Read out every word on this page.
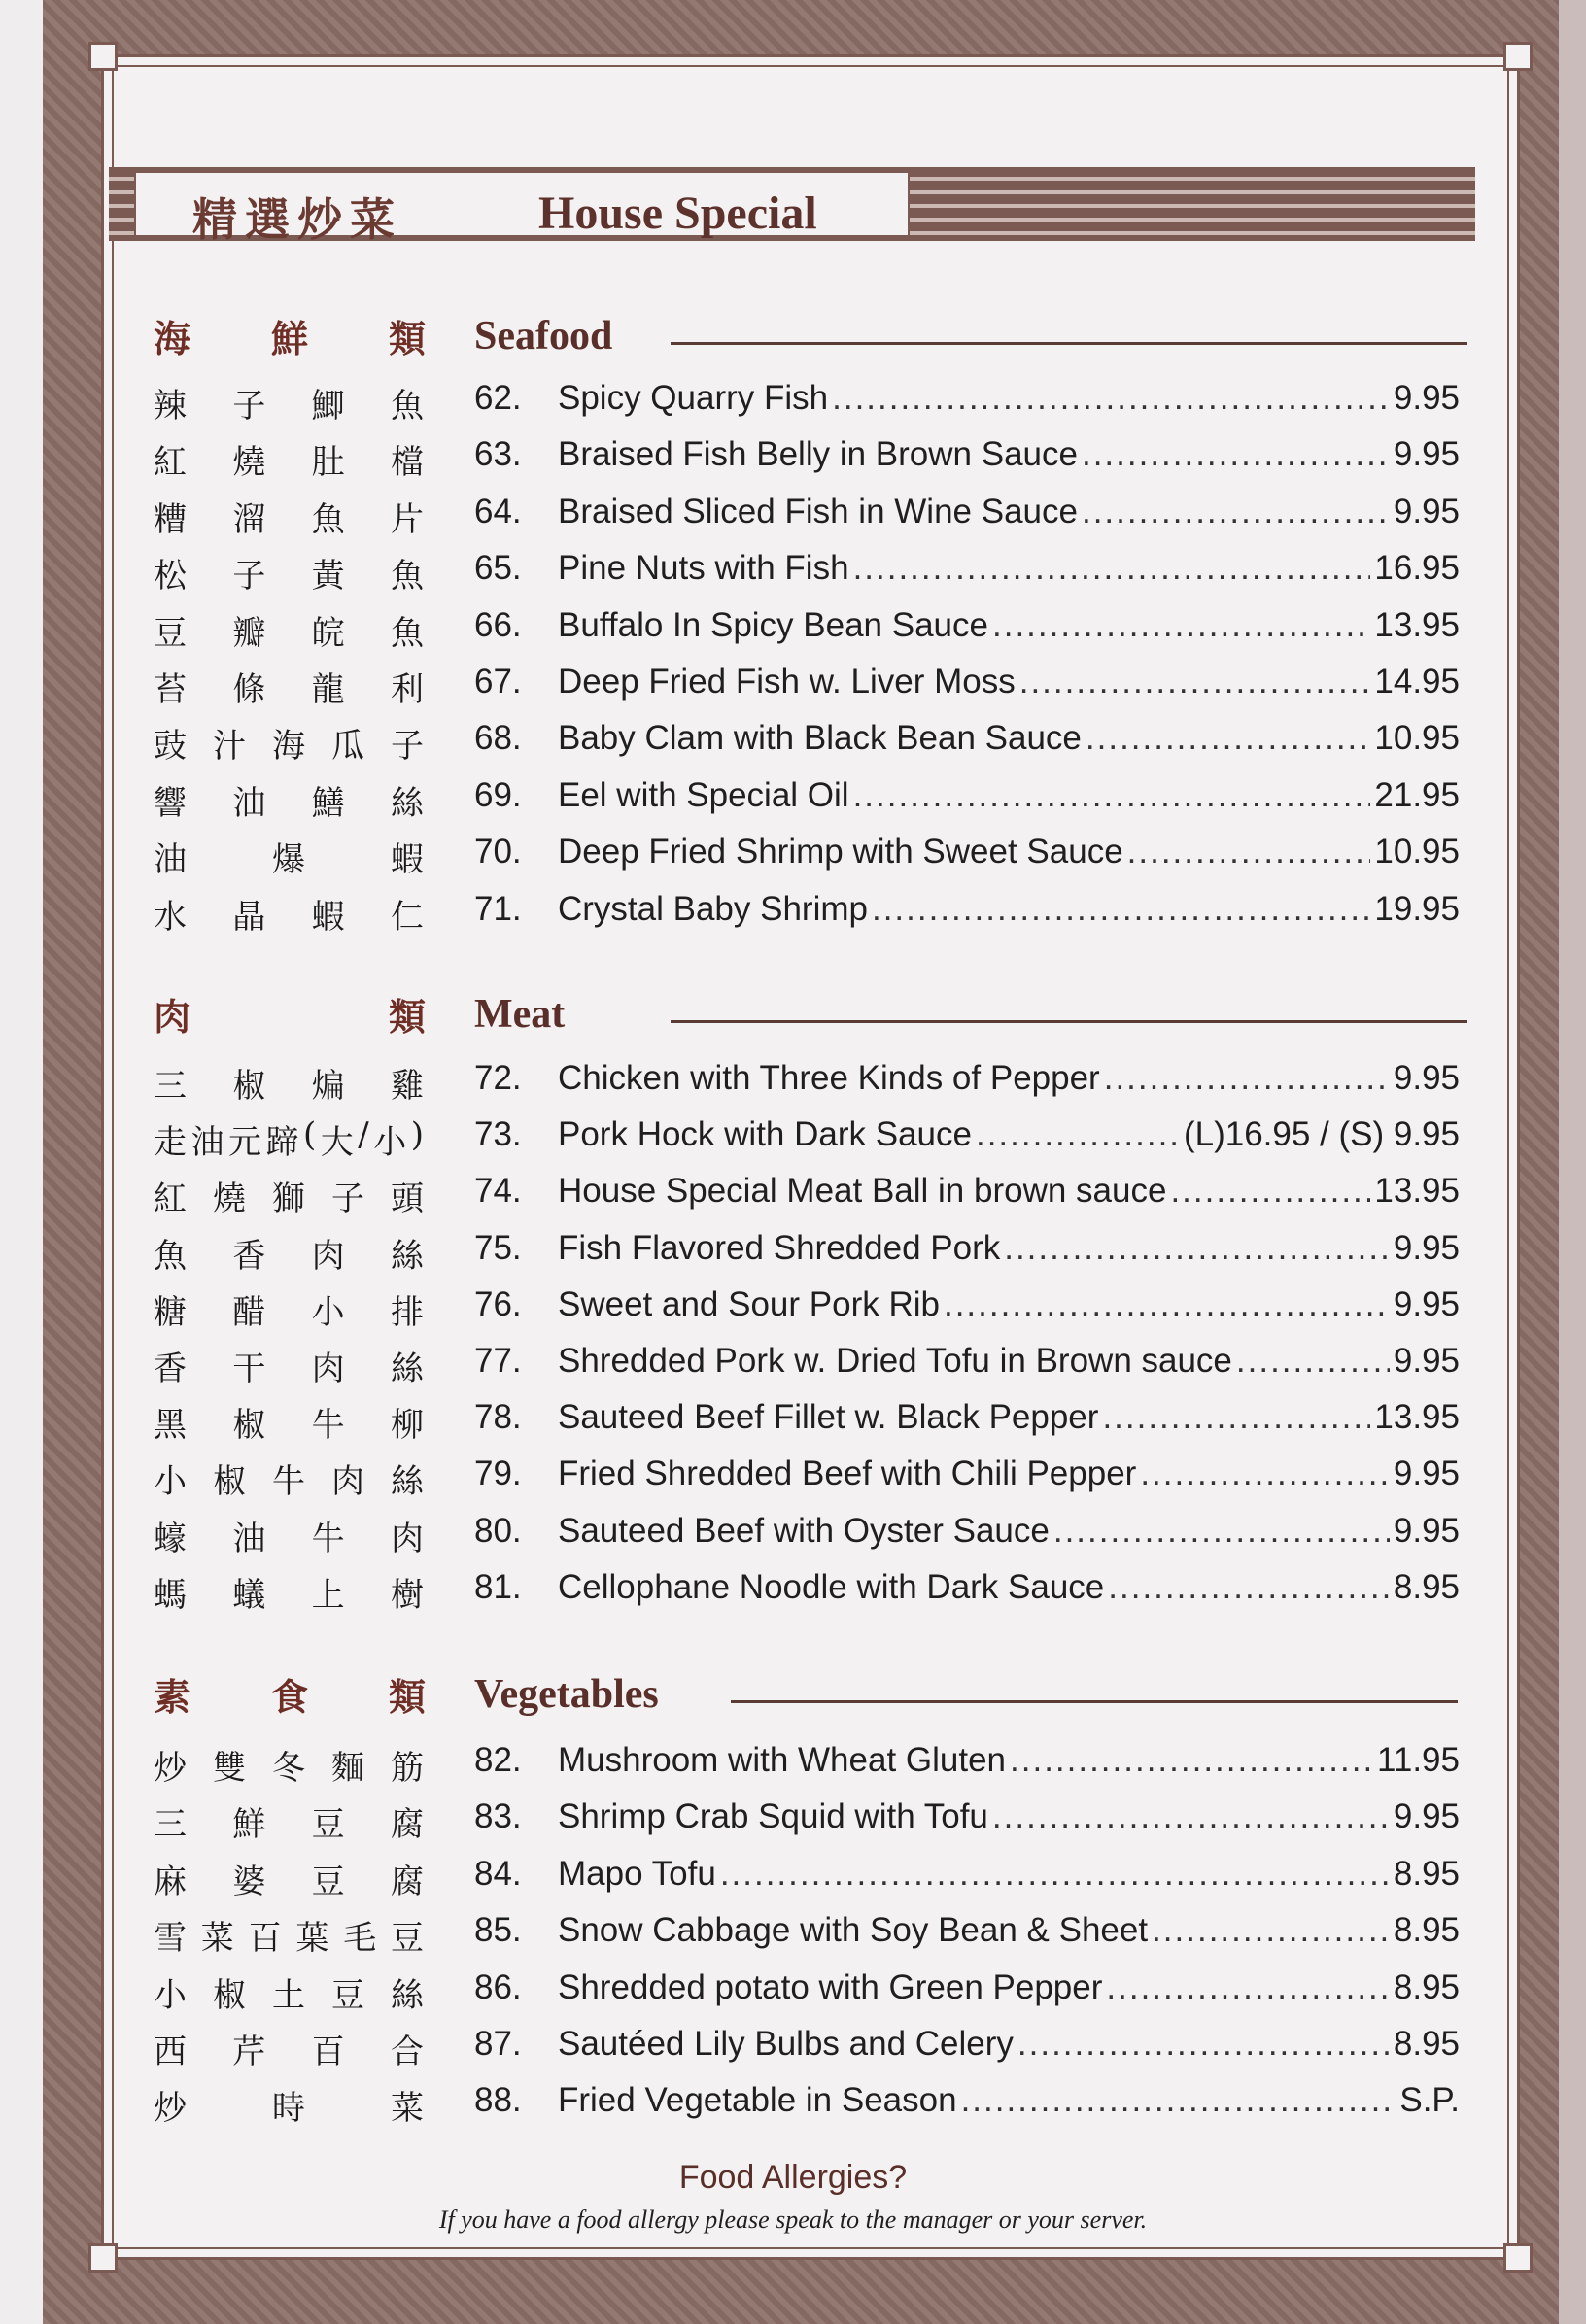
精選炒菜	House Special
海 鮮 類 Seafood
辣 子 鯽 魚 62.	Spicy Quarry Fish .....	9.95
紅 燒 肚 檔 63.	Braised Fish Belly in Brown Sauce .....	9.95
糟 溜 魚 片 64.	Braised Sliced Fish in Wine Sauce .....	9.95
松 子 黃 魚 65.	Pine Nuts with Fish .....	16.95
豆 瓣 皖 魚 66.	Buffalo In Spicy Bean Sauce .....	13.95
苔 條 龍 利 67.	Deep Fried Fish w. Liver Moss .....	14.95
豉 汁 海 瓜 子 68.	Baby Clam with Black Bean Sauce .....	10.95
響 油 鱔 絲 69.	Eel with Special Oil .....	21.95
油	爆	蝦 70.	Deep Fried Shrimp with Sweet Sauce .....	10.95
水 晶 蝦 仁 71.	Crystal Baby Shrimp .....	19.95
肉	類 Meat
三 椒 煸 雞 72.	Chicken with Three Kinds of Pepper .....	9.95
走 油 元 蹄 ( 大 / 小 ) 73.	Pork Hock with Dark Sauce .....	(L)16.95 / (S) 9.95
紅 燒 獅 子 頭 74.	House Special Meat Ball in brown sauce .....	13.95
魚 香 肉 絲 75.	Fish Flavored Shredded Pork .....	9.95
糖 醋 小 排 76.	Sweet and Sour Pork Rib .....	9.95
香 干 肉 絲 77.	Shredded Pork w. Dried Tofu in Brown sauce .....	9.95
黑 椒 牛 柳 78.	Sauteed Beef Fillet w. Black Pepper .....	13.95
小 椒 牛 肉 絲 79.	Fried Shredded Beef with Chili Pepper .....	9.95
蠔 油 牛 肉 80.	Sauteed Beef with Oyster Sauce .....	9.95
螞 蟻 上 樹 81.	Cellophane Noodle with Dark Sauce .....	8.95
素 食 類 Vegetables
炒 雙 冬 麵 筋 82.	Mushroom with Wheat Gluten .....	11.95
三 鮮 豆 腐 83.	Shrimp Crab Squid with Tofu .....	9.95
麻 婆 豆 腐 84.	Mapo Tofu .....	8.95
雪 菜 百 葉 毛 豆 85.	Snow Cabbage with Soy Bean & Sheet .....	8.95
小 椒 土 豆 絲 86.	Shredded potato with Green Pepper .....	8.95
西 芹 百 合 87.	Sautéed Lily Bulbs and Celery .....	8.95
炒	時	菜 88.	Fried Vegetable in Season .....	S.P.
Food Allergies?
If you have a food allergy please speak to the manager or your server.
